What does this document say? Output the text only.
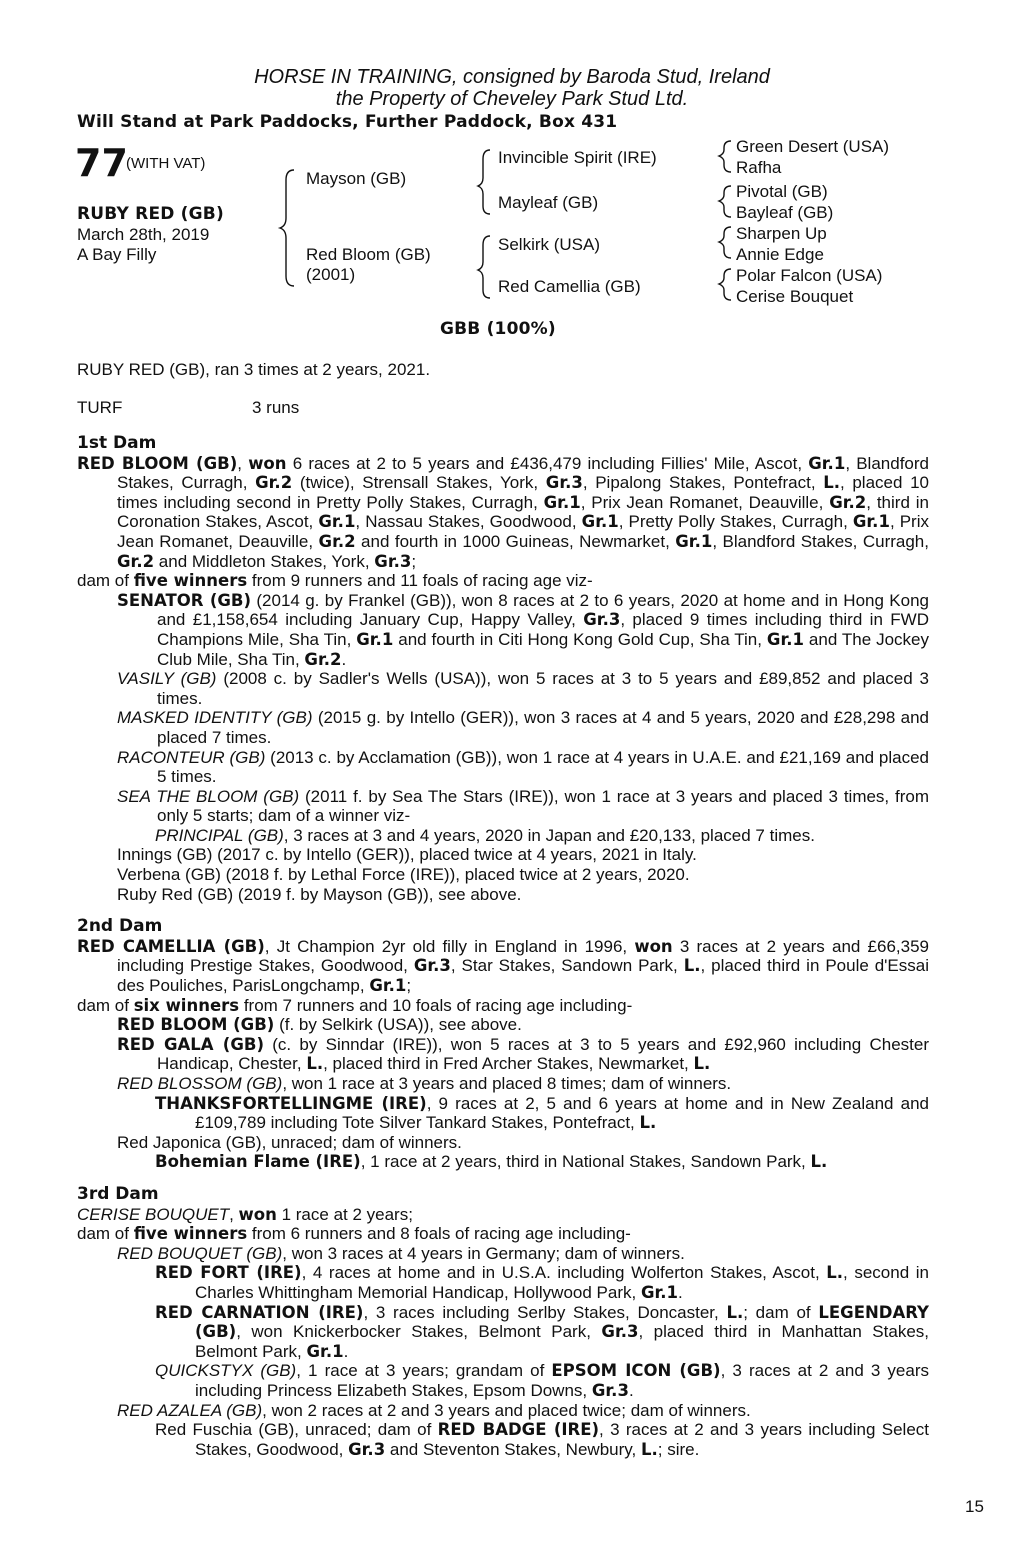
HORSE IN TRAINING, consigned by Baroda Stud, Ireland
the Property of Cheveley Park Stud Ltd.
Will Stand at Park Paddocks, Further Paddock, Box 431
77
(WITH VAT)
RUBY RED (GB)
March 28th, 2019
A Bay Filly
Mayson (GB)
Red Bloom (GB)
(2001)
Invincible Spirit (IRE)
Mayleaf (GB)
Selkirk (USA)
Red Camellia (GB)
Green Desert (USA)
Rafha
Pivotal (GB)
Bayleaf (GB)
Sharpen Up
Annie Edge
Polar Falcon (USA)
Cerise Bouquet
GBB (100%)
RUBY RED (GB), ran 3 times at 2 years, 2021.
TURF	3 runs

1st Dam

RED BLOOM (GB), won 6 races at 2 to 5 years and £436,479 including Fillies' Mile, Ascot, Gr.1, Blandford Stakes, Curragh, Gr.2 (twice), Strensall Stakes, York, Gr.3, Pipalong Stakes, Pontefract, L., placed 10 times including second in Pretty Polly Stakes, Curragh, Gr.1, Prix Jean Romanet, Deauville, Gr.2, third in Coronation Stakes, Ascot, Gr.1, Nassau Stakes, Goodwood, Gr.1, Pretty Polly Stakes, Curragh, Gr.1, Prix Jean Romanet, Deauville, Gr.2 and fourth in 1000 Guineas, Newmarket, Gr.1, Blandford Stakes, Curragh, Gr.2 and Middleton Stakes, York, Gr.3;

dam of five winners from 9 runners and 11 foals of racing age viz-

SENATOR (GB) (2014 g. by Frankel (GB)), won 8 races at 2 to 6 years, 2020 at home and in Hong Kong and £1,158,654 including January Cup, Happy Valley, Gr.3, placed 9 times including third in FWD Champions Mile, Sha Tin, Gr.1 and fourth in Citi Hong Kong Gold Cup, Sha Tin, Gr.1 and The Jockey Club Mile, Sha Tin, Gr.2.

VASILY (GB) (2008 c. by Sadler's Wells (USA)), won 5 races at 3 to 5 years and £89,852 and placed 3 times.

MASKED IDENTITY (GB) (2015 g. by Intello (GER)), won 3 races at 4 and 5 years, 2020 and £28,298 and placed 7 times.

RACONTEUR (GB) (2013 c. by Acclamation (GB)), won 1 race at 4 years in U.A.E. and £21,169 and placed 5 times.

SEA THE BLOOM (GB) (2011 f. by Sea The Stars (IRE)), won 1 race at 3 years and placed 3 times, from only 5 starts; dam of a winner viz-

PRINCIPAL (GB), 3 races at 3 and 4 years, 2020 in Japan and £20,133, placed 7 times.

Innings (GB) (2017 c. by Intello (GER)), placed twice at 4 years, 2021 in Italy.

Verbena (GB) (2018 f. by Lethal Force (IRE)), placed twice at 2 years, 2020.

Ruby Red (GB) (2019 f. by Mayson (GB)), see above.

2nd Dam

RED CAMELLIA (GB), Jt Champion 2yr old filly in England in 1996, won 3 races at 2 years and £66,359 including Prestige Stakes, Goodwood, Gr.3, Star Stakes, Sandown Park, L., placed third in Poule d'Essai des Pouliches, ParisLongchamp, Gr.1;

dam of six winners from 7 runners and 10 foals of racing age including-

RED BLOOM (GB) (f. by Selkirk (USA)), see above.

RED GALA (GB) (c. by Sinndar (IRE)), won 5 races at 3 to 5 years and £92,960 including Chester Handicap, Chester, L., placed third in Fred Archer Stakes, Newmarket, L.

RED BLOSSOM (GB), won 1 race at 3 years and placed 8 times; dam of winners.

THANKSFORTELLINGME (IRE), 9 races at 2, 5 and 6 years at home and in New Zealand and £109,789 including Tote Silver Tankard Stakes, Pontefract, L.

Red Japonica (GB), unraced; dam of winners.

Bohemian Flame (IRE), 1 race at 2 years, third in National Stakes, Sandown Park, L.

3rd Dam

CERISE BOUQUET, won 1 race at 2 years;

dam of five winners from 6 runners and 8 foals of racing age including-

RED BOUQUET (GB), won 3 races at 4 years in Germany; dam of winners.

RED FORT (IRE), 4 races at home and in U.S.A. including Wolferton Stakes, Ascot, L., second in Charles Whittingham Memorial Handicap, Hollywood Park, Gr.1.

RED CARNATION (IRE), 3 races including Serlby Stakes, Doncaster, L.; dam of LEGENDARY (GB), won Knickerbocker Stakes, Belmont Park, Gr.3, placed third in Manhattan Stakes, Belmont Park, Gr.1.

QUICKSTYX (GB), 1 race at 3 years; grandam of EPSOM ICON (GB), 3 races at 2 and 3 years including Princess Elizabeth Stakes, Epsom Downs, Gr.3.

RED AZALEA (GB), won 2 races at 2 and 3 years and placed twice; dam of winners.

Red Fuschia (GB), unraced; dam of RED BADGE (IRE), 3 races at 2 and 3 years including Select Stakes, Goodwood, Gr.3 and Steventon Stakes, Newbury, L.; sire.

15
